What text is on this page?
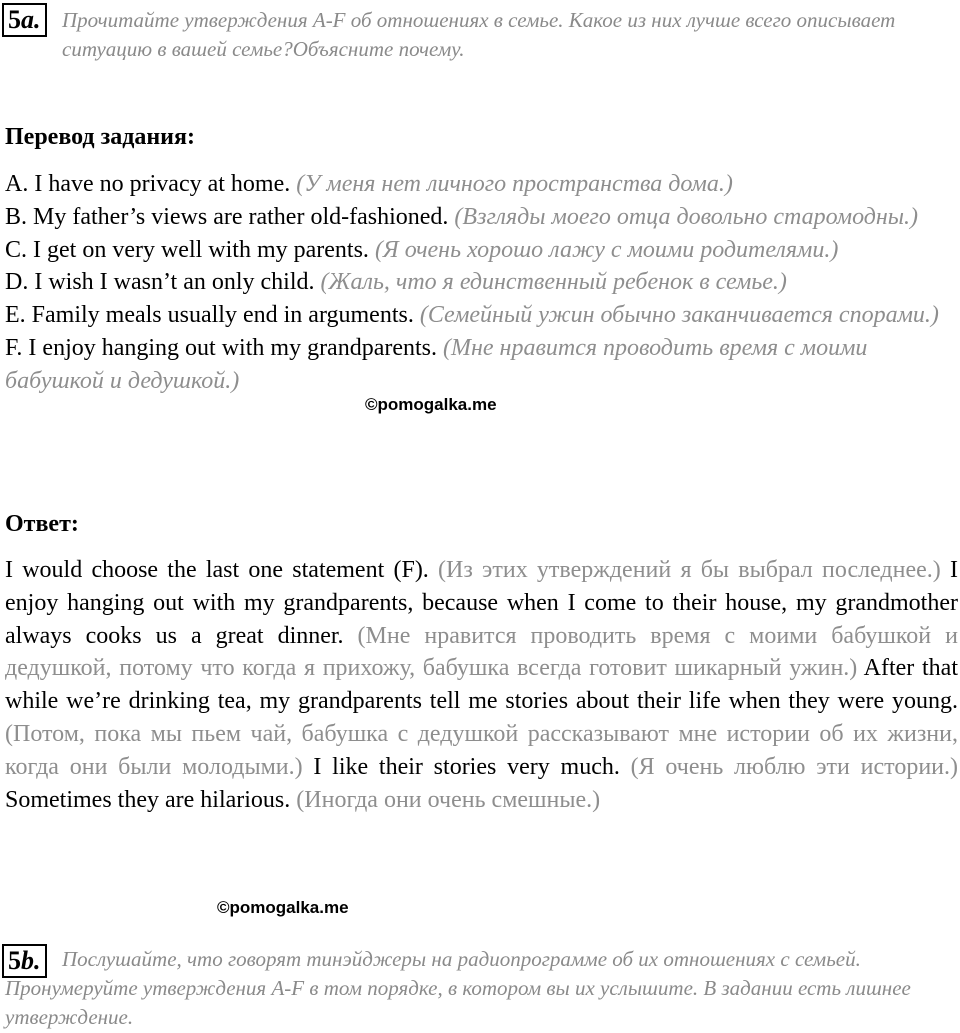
5a. Прочитайте утверждения A-F об отношениях в семье. Какое из них лучше всего описывает ситуацию в вашей семье?Объясните почему.
Перевод задания:

A. I have no privacy at home. (У меня нет личного пространства дома.)

B. My father’s views are rather old-fashioned. (Взгляды моего отца довольно старомодны.)

C. I get on very well with my parents. (Я очень хорошо лажу с моими родителями.)

D. I wish I wasn’t an only child. (Жаль, что я единственный ребенок в семье.)

E. Family meals usually end in arguments. (Семейный ужин обычно заканчивается спорами.)

F. I enjoy hanging out with my grandparents. (Мне нравится проводить время с моими бабушкой и дедушкой.)

©pomogalka.me
Ответ:

I would choose the last one statement (F). (Из этих утверждений я бы выбрал последнее.) I enjoy hanging out with my grandparents, because when I come to their house, my grandmother always cooks us a great dinner. (Мне нравится проводить время с моими бабушкой и дедушкой, потому что когда я прихожу, бабушка всегда готовит шикарный ужин.) After that while we’re drinking tea, my grandparents tell me stories about their life when they were young. (Потом, пока мы пьем чай, бабушка с дедушкой рассказывают мне истории об их жизни, когда они были молодыми.) I like their stories very much. (Я очень люблю эти истории.) Sometimes they are hilarious. (Иногда они очень смешные.)

©pomogalka.me
5b.	Послушайте, что говорят тинэйджеры на радиопрограмме об их отношениях с семьей. Пронумеруйте утверждения A-F в том порядке, в котором вы их услышите. В задании есть лишнее утверждение.
